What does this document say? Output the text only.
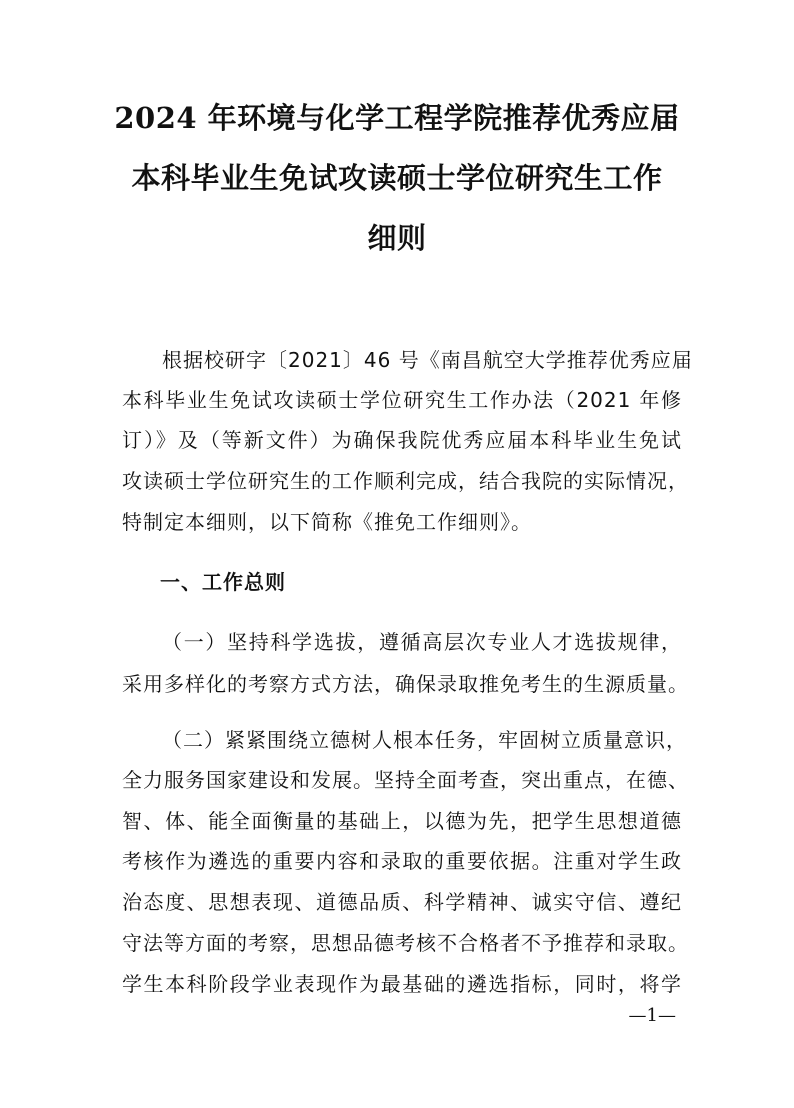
2024 年环境与化学工程学院推荐优秀应届
本科毕业生免试攻读硕士学位研究生工作
细则
根据校研字〔2021〕46 号《南昌航空大学推荐优秀应届
本科毕业生免试攻读硕士学位研究生工作办法（2021 年修
订）》及（等新文件）为确保我院优秀应届本科毕业生免试
攻读硕士学位研究生的工作顺利完成，结合我院的实际情况，
特制定本细则，以下简称《推免工作细则》。
一、工作总则
（一）坚持科学选拔，遵循高层次专业人才选拔规律，
采用多样化的考察方式方法，确保录取推免考生的生源质量。
（二）紧紧围绕立德树人根本任务，牢固树立质量意识，
全力服务国家建设和发展。坚持全面考查，突出重点，在德、
智、体、能全面衡量的基础上，以德为先，把学生思想道德
考核作为遴选的重要内容和录取的重要依据。注重对学生政
治态度、思想表现、道德品质、科学精神、诚实守信、遵纪
守法等方面的考察，思想品德考核不合格者不予推荐和录取。
学生本科阶段学业表现作为最基础的遴选指标，同时，将学
—1—
